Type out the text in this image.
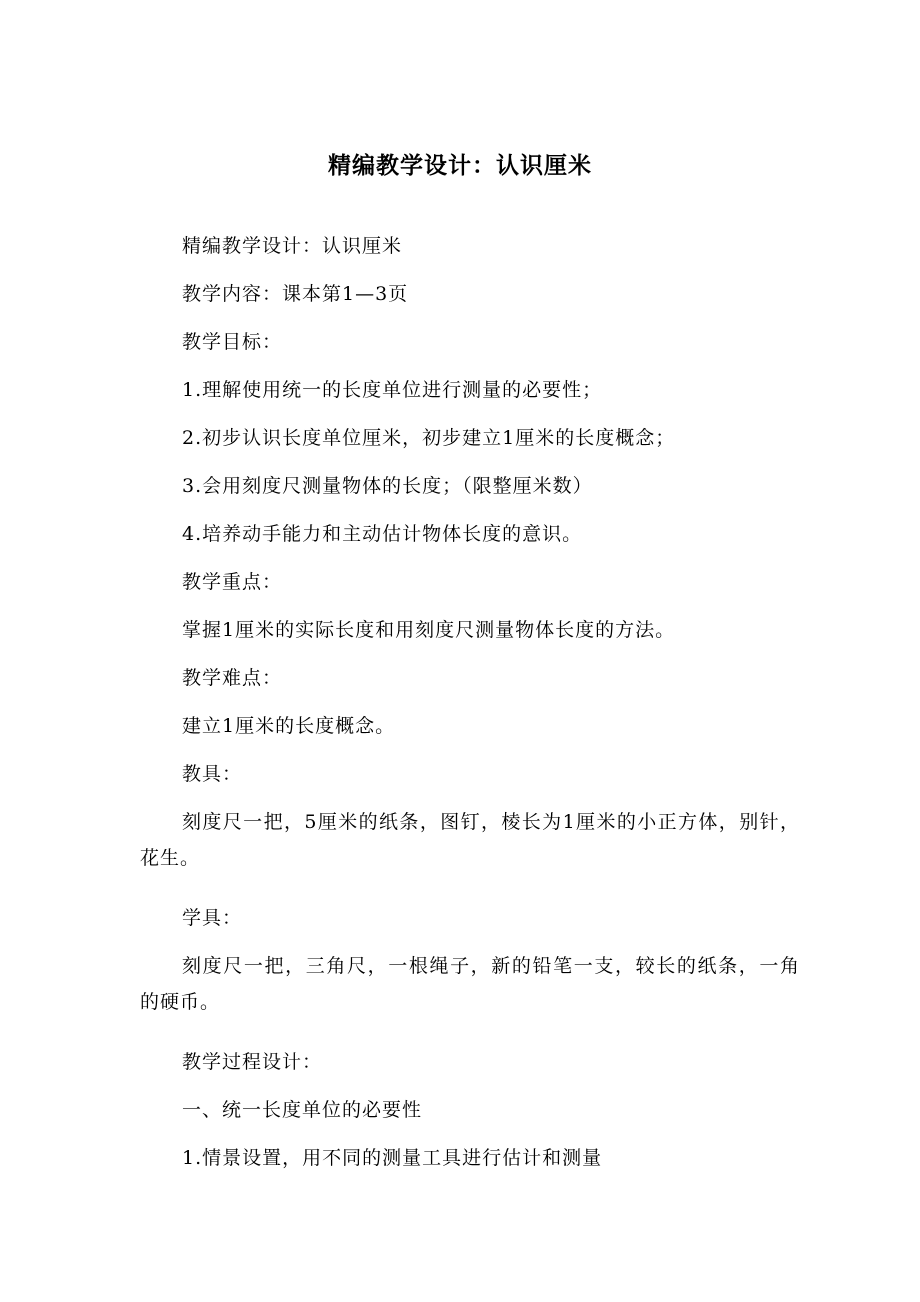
精编教学设计：认识厘米

精编教学设计：认识厘米

教学内容：课本第1—3页

教学目标：

1.理解使用统一的长度单位进行测量的必要性；

2.初步认识长度单位厘米，初步建立1厘米的长度概念；

3.会用刻度尺测量物体的长度；（限整厘米数）

4.培养动手能力和主动估计物体长度的意识。

教学重点：

掌握1厘米的实际长度和用刻度尺测量物体长度的方法。

教学难点：

建立1厘米的长度概念。

教具：

刻度尺一把，5厘米的纸条，图钉，棱长为1厘米的小正方体，别针，花生。

学具：

刻度尺一把，三角尺，一根绳子，新的铅笔一支，较长的纸条，一角的硬币。

教学过程设计：

一、统一长度单位的必要性

1.情景设置，用不同的测量工具进行估计和测量
